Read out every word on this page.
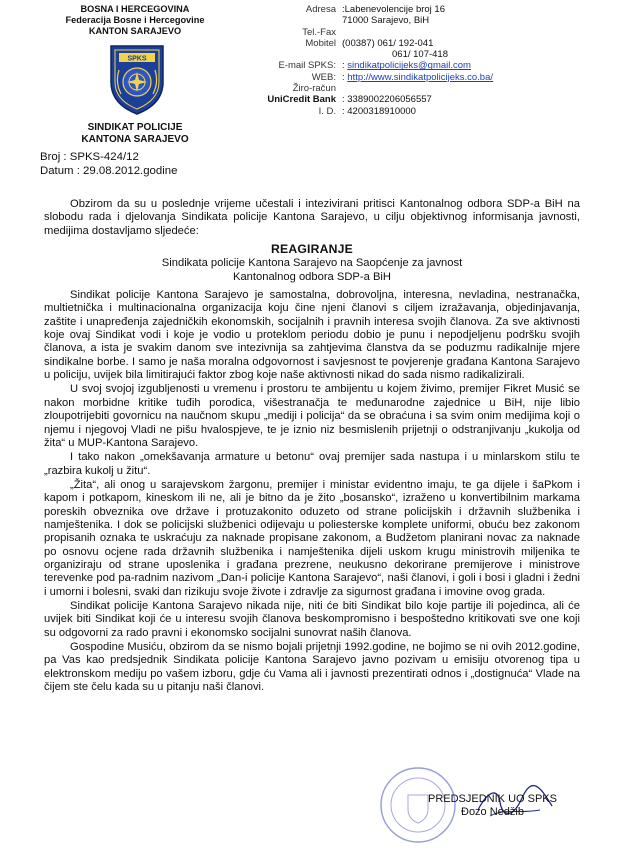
BOSNA I HERCEGOVINA
Federacija Bosne i Hercegovine
KANTON SARAJEVO
SPKS
SINDIKAT POLICIJE
KANTONA SARAJEVO
Adresa :Labenevolencije broj 16
71000 Sarajevo, BiH
Tel.-Fax
Mobitel (00387) 061/ 192-041
061/ 107-418
E-mail SPKS: : sindikatpolicijeks@gmail.com
WEB: : http://www.sindikatpolicijeks.co.ba/
Žiro-račun
UniCredit Bank : 3389002206056557
I. D. : 4200318910000
Broj : SPKS-424/12
Datum : 29.08.2012.godine

Obzirom da su u poslednje vrijeme učestali i intezivirani pritisci Kantonalnog odbora SDP-a BiH na slobodu rada i djelovanja Sindikata policije Kantona Sarajevo, u cilju objektivnog informisanja javnosti, medijima dostavljamo sljedeće:

REAGIRANJE

Sindikata policije Kantona Sarajevo na Saopćenje za javnost

Kantonalnog odbora SDP-a BiH

Sindikat policije Kantona Sarajevo je samostalna, dobrovoljna, interesna, nevladina, nestranačka, multietnička i multinacionalna organizacija koju čine njeni članovi s ciljem izražavanja, objedinjavanja, zaštite i unapređenja zajedničkih ekonomskih, socijalnih i pravnih interesa svojih članova. Za sve aktivnosti koje ovaj Sindikat vodi i koje je vodio u proteklom periodu dobio je punu i nepodjeljenu podršku svojih članova, a ista je svakim danom sve intezivnija sa zahtjevima članstva da se poduzmu radikalnije mjere sindikalne borbe. I samo je naša moralna odgovornost i savjesnost te povjerenje građana Kantona Sarajevo u policiju, uvijek bila limitirajući faktor zbog koje naše aktivnosti nikad do sada nismo radikalizirali.

U svoj svojoj izgubljenosti u vremenu i prostoru te ambijentu u kojem živimo, premijer Fikret Musić se nakon morbidne kritike tuđih porodica, višestranačja te međunarodne zajednice u BiH, nije libio zloupotrijebiti govornicu na naučnom skupu „mediji i policija“ da se obraćuna i sa svim onim medijima koji o njemu i njegovoj Vladi ne pišu hvalospjeve, te je iznio niz besmislenih prijetnji o odstranjivanju „kukolja od žita“ u MUP-Kantona Sarajevo.

I tako nakon „omekšavanja armature u betonu“ ovaj premijer sada nastupa i u minlarskom stilu te „razbira kukolj u žitu“.

„Žita“, ali onog u sarajevskom žargonu, premijer i ministar evidentno imaju, te ga dijele i šaPkom i kapom i potkapom, kineskom ili ne, ali je bitno da je žito „bosansko“, izraženo u konvertibilnim markama poreskih obveznika ove države i protuzakonito oduzeto od strane policijskih i državnih službenika i namještenika. I dok se policijski službenici odijevaju u poliesterske komplete uniformi, obuću bez zakonom propisanih oznaka te uskraćuju za naknade propisane zakonom, a Budžetom planirani novac za naknade po osnovu ocjene rada državnih službenika i namještenika dijeli uskom krugu ministrovih miljenika te organiziraju od strane uposlenika i građana prezrene, neukusno dekorirane premijerove i ministrove terevenke pod pa-radnim nazivom „Dan-i policije Kantona Sarajevo“, naši članovi, i goli i bosi i gladni i žedni i umorni i bolesni, svaki dan rizikuju svoje živote i zdravlje za sigurnost građana i imovine ovog grada.

Sindikat policije Kantona Sarajevo nikada nije, niti će biti Sindikat bilo koje partije ili pojedinca, ali će uvijek biti Sindikat koji će u interesu svojih članova beskompromisno i bespoštedno kritikovati sve one koji su odgovorni za rado pravni i ekonomsko socijalni sunovrat naših članova.

Gospodine Musiću, obzirom da se nismo bojali prijetnji 1992.godine, ne bojimo se ni ovih 2012.godine, pa Vas kao predsjednik Sindikata policije Kantona Sarajevo javno pozivam u emisiju otvorenog tipa u elektronskom mediju po vašem izboru, gdje ću Vama ali i javnosti prezentirati odnos i „dostignuća“ Vlade na čijem ste čelu kada su u pitanju naši članovi.

PREDSJEDNIK UO SPKS
Đozo Nedžib
